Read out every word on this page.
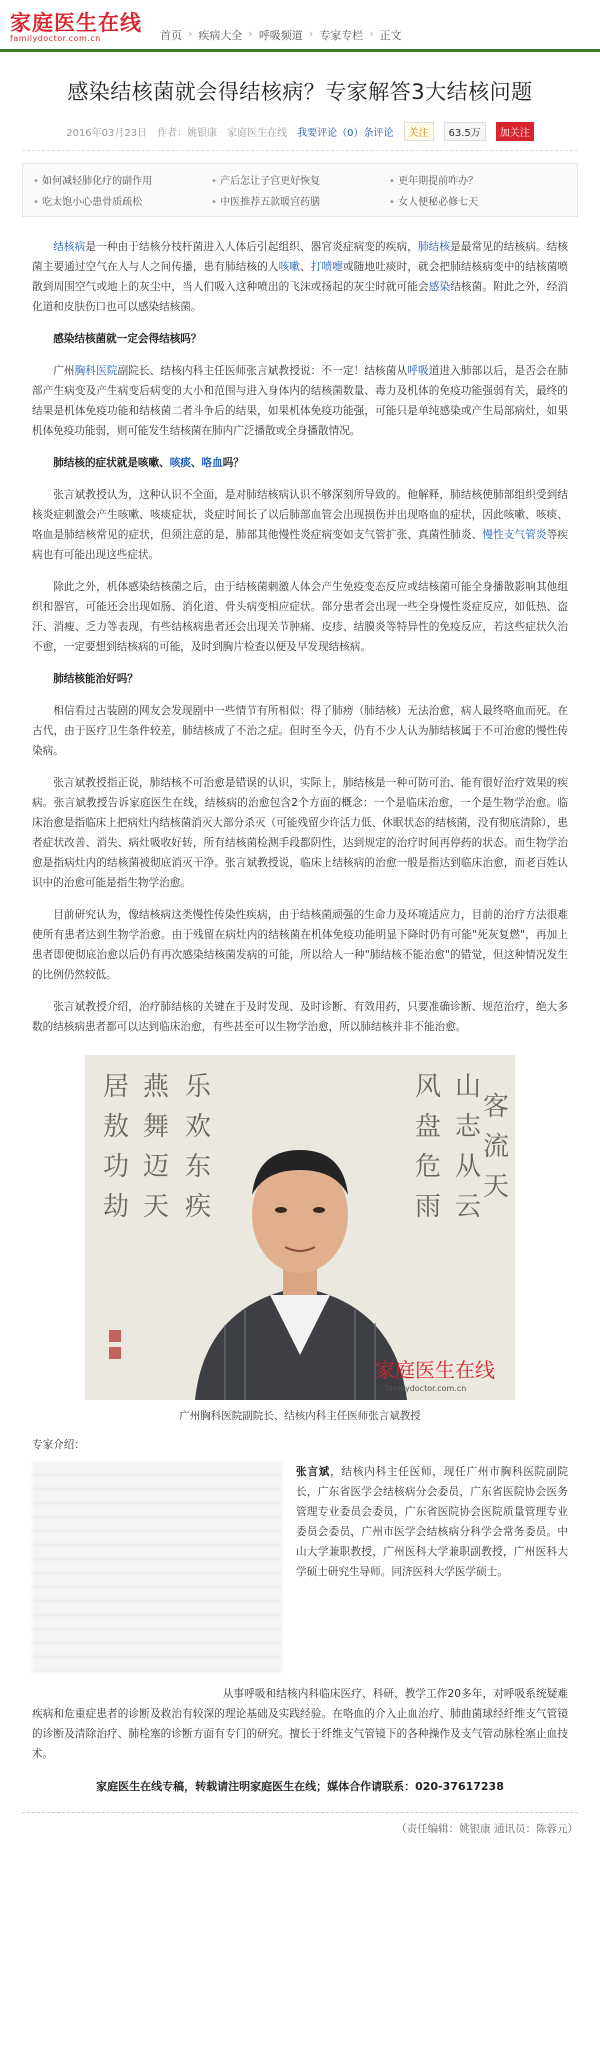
家庭医生在线
familydoctor.com.cn	首页 › 疾病大全 › 呼吸频道 › 专家专栏 › 正文
感染结核菌就会得结核病？专家解答3大结核问题
2016年03月23日 作者：姚银康 家庭医生在线 我要评论（0）条评论	关注	63.5万	加关注
• 如何减轻肺化疗的副作用	• 产后怎让子宫更好恢复	• 更年期提前咋办？
• 吃太饱小心患骨质疏松	• 中医推荐五款暖宫药膳	• 女人便秘必修七天

结核病是一种由于结核分枝杆菌进入人体后引起组织、器官炎症病变的疾病，肺结核是最常见的结核病。结核菌主要通过空气在人与人之间传播，患有肺结核的人咳嗽、打喷嚏或随地吐痰时，就会把肺结核病变中的结核菌喷散到周围空气或地上的灰尘中，当人们吸入这种喷出的飞沫或扬起的灰尘时就可能会感染结核菌。附此之外，经消化道和皮肤伤口也可以感染结核菌。

感染结核菌就一定会得结核吗？

广州胸科医院副院长、结核内科主任医师张言斌教授说：不一定！结核菌从呼吸道进入肺部以后，是否会在肺部产生病变及产生病变后病变的大小和范围与进入身体内的结核菌数量、毒力及机体的免疫功能强弱有关，最终的结果是机体免疫功能和结核菌二者斗争后的结果，如果机体免疫功能强，可能只是单纯感染或产生局部病灶，如果机体免疫功能弱，则可能发生结核菌在肺内广泛播散或全身播散情况。

肺结核的症状就是咳嗽、咳痰、咯血吗？

张言斌教授认为，这种认识不全面，是对肺结核病认识不够深刻所导致的。他解释，肺结核使肺部组织受到结核炎症刺激会产生咳嗽、咳痰症状，炎症时间长了以后肺部血管会出现损伤并出现咯血的症状，因此咳嗽、咳痰、咯血是肺结核常见的症状，但须注意的是，肺部其他慢性炎症病变如支气管扩张、真菌性肺炎、慢性支气管炎等疾病也有可能出现这些症状。

除此之外，机体感染结核菌之后，由于结核菌刺激人体会产生免疫变态反应或结核菌可能全身播散影响其他组织和器官，可能还会出现如肠、消化道、骨头病变相应症状。部分患者会出现一些全身慢性炎症反应，如低热、盗汗、消瘦、乏力等表现，有些结核病患者还会出现关节肿痛、皮疹、结膜炎等特异性的免疫反应，若这些症状久治不愈，一定要想到结核病的可能，及时到胸片检查以便及早发现结核病。

肺结核能治好吗？

相信看过古装剧的网友会发现剧中一些情节有所相似：得了肺痨（肺结核）无法治愈，病人最终咯血而死。在古代，由于医疗卫生条件较差，肺结核成了不治之症。但时至今天，仍有不少人认为肺结核属于不可治愈的慢性传染病。

张言斌教授指正说，肺结核不可治愈是错误的认识，实际上，肺结核是一种可防可治、能有很好治疗效果的疾病。张言斌教授告诉家庭医生在线，结核病的治愈包含2个方面的概念：一个是临床治愈，一个是生物学治愈。临床治愈是指临床上把病灶内结核菌消灭大部分杀灭（可能残留少许活力低、休眠状态的结核菌，没有彻底清除），患者症状改善、消失、病灶吸收好转，所有结核菌检测手段都阴性，达到规定的治疗时间再停药的状态。而生物学治愈是指病灶内的结核菌被彻底消灭干净。张言斌教授说，临床上结核病的治愈一般是指达到临床治愈，而老百姓认识中的治愈可能是指生物学治愈。

目前研究认为，像结核病这类慢性传染性疾病，由于结核菌顽强的生命力及环境适应力，目前的治疗方法很难使所有患者达到生物学治愈。由于残留在病灶内的结核菌在机体免疫功能明显下降时仍有可能"死灰复燃"，再加上患者即使彻底治愈以后仍有再次感染结核菌发病的可能，所以给人一种"肺结核不能治愈"的错觉，但这种情况发生的比例仍然较低。

张言斌教授介绍，治疗肺结核的关键在于及时发现、及时诊断、有效用药，只要准确诊断、规范治疗，绝大多数的结核病患者都可以达到临床治愈，有些甚至可以生物学治愈，所以肺结核并非不能治愈。

居
敖
功
劫
燕
舞
迈
天
乐
欢
东
疾
风
盘
危
雨
山
志
从
云
客
流
天
家庭医生在线
familydoctor.com.cn
广州胸科医院副院长、结核内科主任医师张言斌教授
专家介绍：
张言斌，结核内科主任医师，现任广州市胸科医院副院长，广东省医学会结核病分会委员，广东省医院协会医务管理专业委员会委员，广东省医院协会医院质量管理专业委员会委员，广州市医学会结核病分科学会常务委员。中山大学兼职教授，广州医科大学兼职副教授，广州医科大学硕士研究生导师。同济医科大学医学硕士。

从事呼吸和结核内科临床医疗、科研、教学工作20多年，对呼吸系统疑难疾病和危重症患者的诊断及救治有较深的理论基础及实践经验。在咯血的介入止血治疗、肺曲菌球经纤维支气管镜的诊断及清除治疗、肺栓塞的诊断方面有专门的研究。擅长于纤维支气管镜下的各种操作及支气管动脉栓塞止血技术。

家庭医生在线专稿，转载请注明家庭医生在线；媒体合作请联系：020-37617238
（责任编辑：姚银康 通讯员：陈蓉元）
